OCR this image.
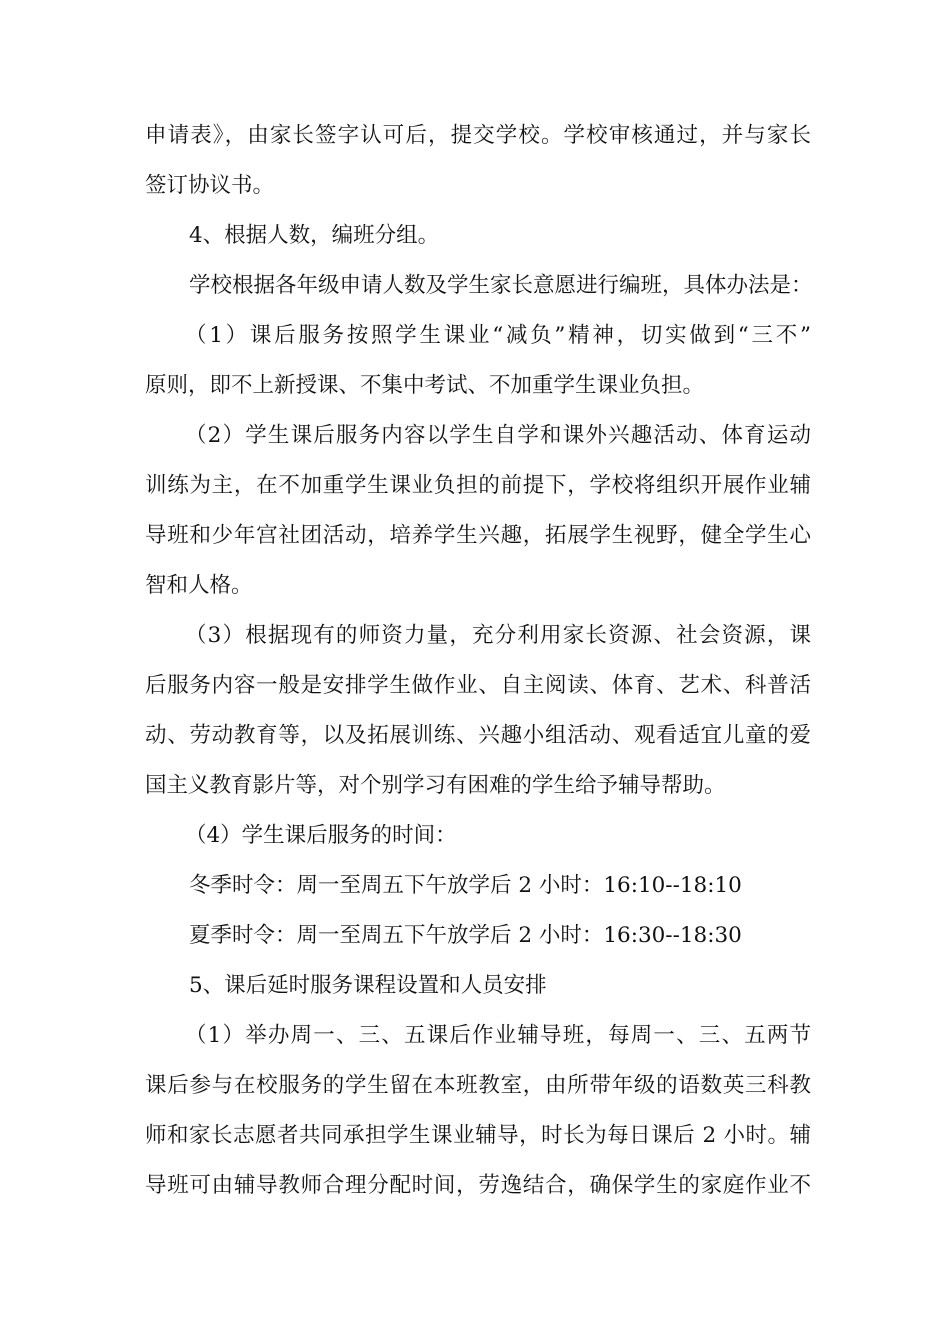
申请表》，由家长签字认可后，提交学校。学校审核通过，并与家长
签订协议书。
4、根据人数，编班分组。
学校根据各年级申请人数及学生家长意愿进行编班，具体办法是：
（1）课后服务按照学生课业“减负”精神，切实做到“三不”
原则，即不上新授课、不集中考试、不加重学生课业负担。
（2）学生课后服务内容以学生自学和课外兴趣活动、体育运动
训练为主，在不加重学生课业负担的前提下，学校将组织开展作业辅
导班和少年宫社团活动，培养学生兴趣，拓展学生视野，健全学生心
智和人格。
（3）根据现有的师资力量，充分利用家长资源、社会资源，课
后服务内容一般是安排学生做作业、自主阅读、体育、艺术、科普活
动、劳动教育等，以及拓展训练、兴趣小组活动、观看适宜儿童的爱
国主义教育影片等，对个别学习有困难的学生给予辅导帮助。
（4）学生课后服务的时间：
冬季时令：周一至周五下午放学后 2 小时：16:10--18:10
夏季时令：周一至周五下午放学后 2 小时：16:30--18:30
5、课后延时服务课程设置和人员安排
（1）举办周一、三、五课后作业辅导班，每周一、三、五两节
课后参与在校服务的学生留在本班教室，由所带年级的语数英三科教
师和家长志愿者共同承担学生课业辅导，时长为每日课后 2 小时。辅
导班可由辅导教师合理分配时间，劳逸结合，确保学生的家庭作业不
